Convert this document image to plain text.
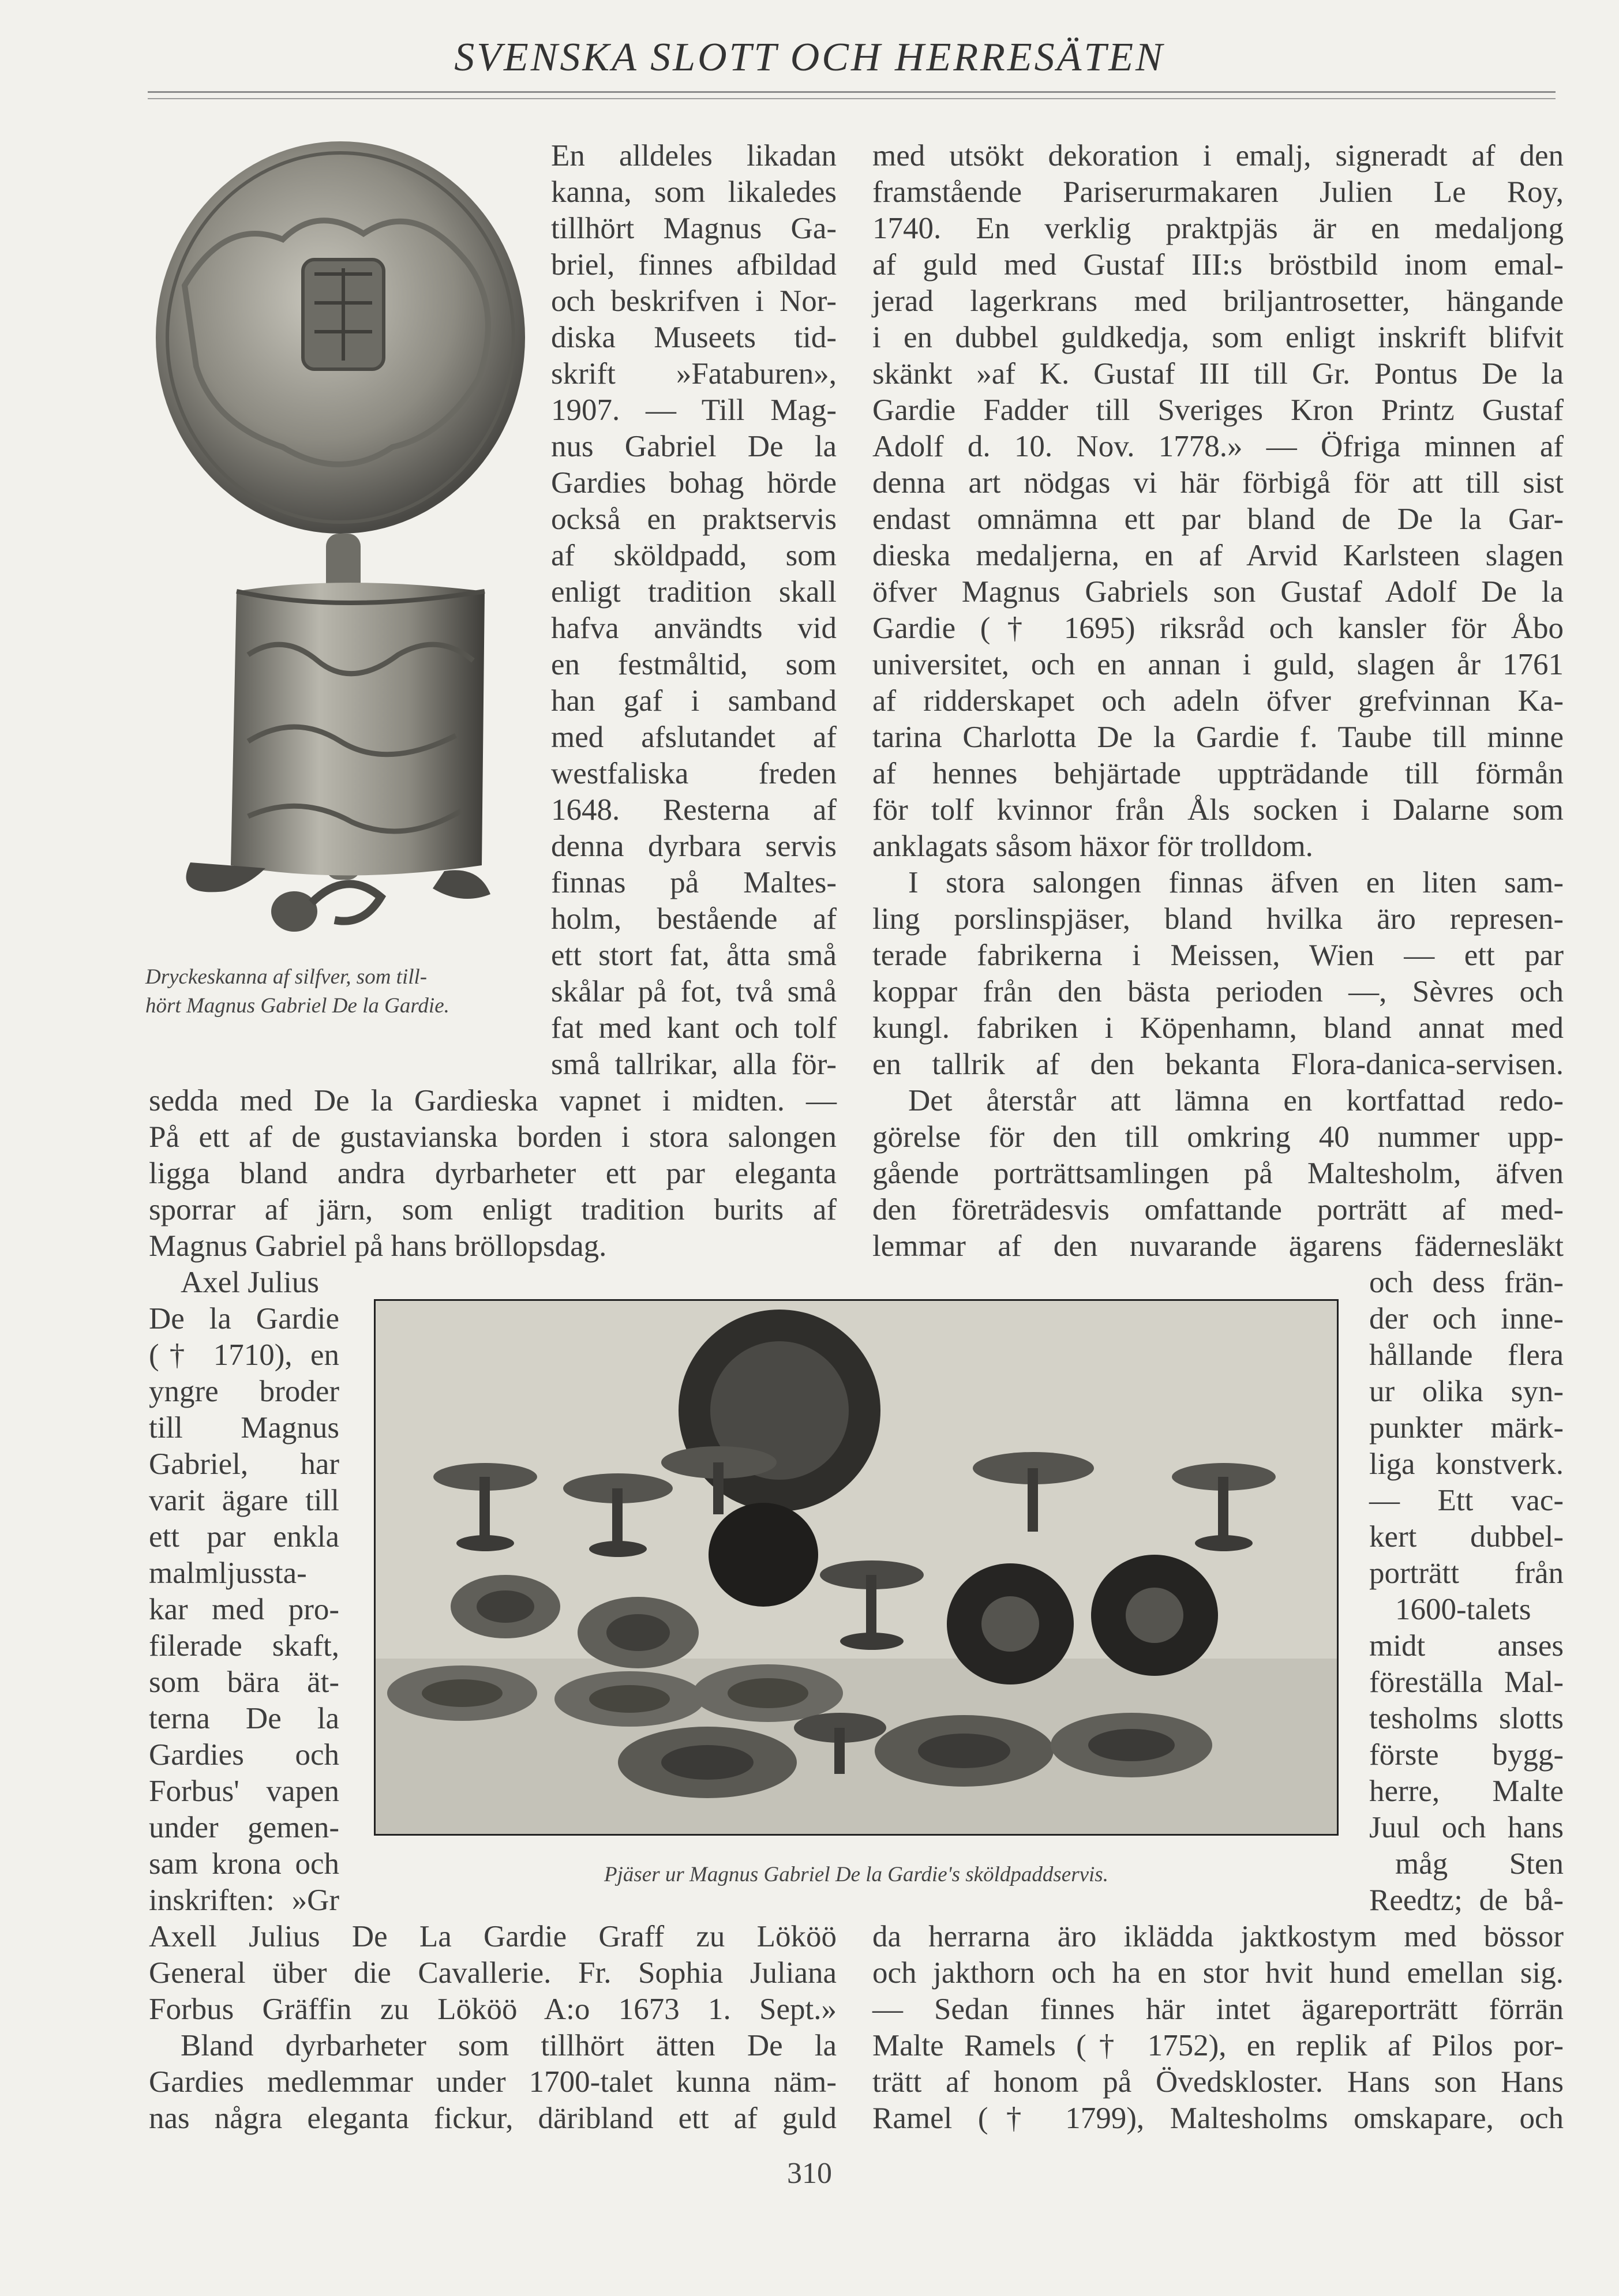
SVENSKA SLOTT OCH HERRESÄTEN
Dryckeskanna af silfver, som till-
hört Magnus Gabriel De la Gardie.
Pjäser ur Magnus Gabriel De la Gardie's sköldpaddservis.
En alldeles likadan
kanna, som likaledes
tillhört Magnus Ga-
briel, finnes afbildad
och beskrifven i Nor-
diska Museets tid-
skrift »Fataburen»,
1907. — Till Mag-
nus Gabriel De la
Gardies bohag hörde
också en praktservis
af sköldpadd, som
enligt tradition skall
hafva användts vid
en festmåltid, som
han gaf i samband
med afslutandet af
westfaliska freden
1648. Resterna af
denna dyrbara servis
finnas på Maltes-
holm, bestående af
ett stort fat, åtta små
skålar på fot, två små
fat med kant och tolf
små tallrikar, alla för-
sedda med De la Gardieska vapnet i midten. —
På ett af de gustavianska borden i stora salongen
ligga bland andra dyrbarheter ett par eleganta
sporrar af järn, som enligt tradition burits af
Magnus Gabriel på hans bröllopsdag.
Axel Julius
De la Gardie
(† 1710), en
yngre broder
till Magnus
Gabriel, har
varit ägare till
ett par enkla
malmljussta-
kar med pro-
filerade skaft,
som bära ät-
terna De la
Gardies och
Forbus' vapen
under gemen-
sam krona och
inskriften: »Gr
Axell Julius De La Gardie Graff zu Lököö
General über die Cavallerie. Fr. Sophia Juliana
Forbus Gräffin zu Lököö A:o 1673 1. Sept.»
Bland dyrbarheter som tillhört ätten De la
Gardies medlemmar under 1700-talet kunna näm-
nas några eleganta fickur, däribland ett af guld
med utsökt dekoration i emalj, signeradt af den
framstående Pariserurmakaren Julien Le Roy,
1740. En verklig praktpjäs är en medaljong
af guld med Gustaf III:s bröstbild inom emal-
jerad lagerkrans med briljantrosetter, hängande
i en dubbel guldkedja, som enligt inskrift blifvit
skänkt »af K. Gustaf III till Gr. Pontus De la
Gardie Fadder till Sveriges Kron Printz Gustaf
Adolf d. 10. Nov. 1778.» — Öfriga minnen af
denna art nödgas vi här förbigå för att till sist
endast omnämna ett par bland de De la Gar-
dieska medaljerna, en af Arvid Karlsteen slagen
öfver Magnus Gabriels son Gustaf Adolf De la
Gardie († 1695) riksråd och kansler för Åbo
universitet, och en annan i guld, slagen år 1761
af ridderskapet och adeln öfver grefvinnan Ka-
tarina Charlotta De la Gardie f. Taube till minne
af hennes behjärtade uppträdande till förmån
för tolf kvinnor från Åls socken i Dalarne som
anklagats såsom häxor för trolldom.
I stora salongen finnas äfven en liten sam-
ling porslinspjäser, bland hvilka äro represen-
terade fabrikerna i Meissen, Wien — ett par
koppar från den bästa perioden —, Sèvres och
kungl. fabriken i Köpenhamn, bland annat med
en tallrik af den bekanta Flora-danica-servisen.
Det återstår att lämna en kortfattad redo-
görelse för den till omkring 40 nummer upp-
gående porträttsamlingen på Maltesholm, äfven
den företrädesvis omfattande porträtt af med-
lemmar af den nuvarande ägarens fädernesläkt
och dess frän-
der och inne-
hållande flera
ur olika syn-
punkter märk-
liga konstverk.
— Ett vac-
kert dubbel-
porträtt från
1600-talets
midt anses
föreställa Mal-
tesholms slotts
förste bygg-
herre, Malte
Juul och hans
måg Sten
Reedtz; de bå-
da herrarna äro iklädda jaktkostym med bössor
och jakthorn och ha en stor hvit hund emellan sig.
— Sedan finnes här intet ägareporträtt förrän
Malte Ramels († 1752), en replik af Pilos por-
trätt af honom på Övedskloster. Hans son Hans
Ramel († 1799), Maltesholms omskapare, och
310
